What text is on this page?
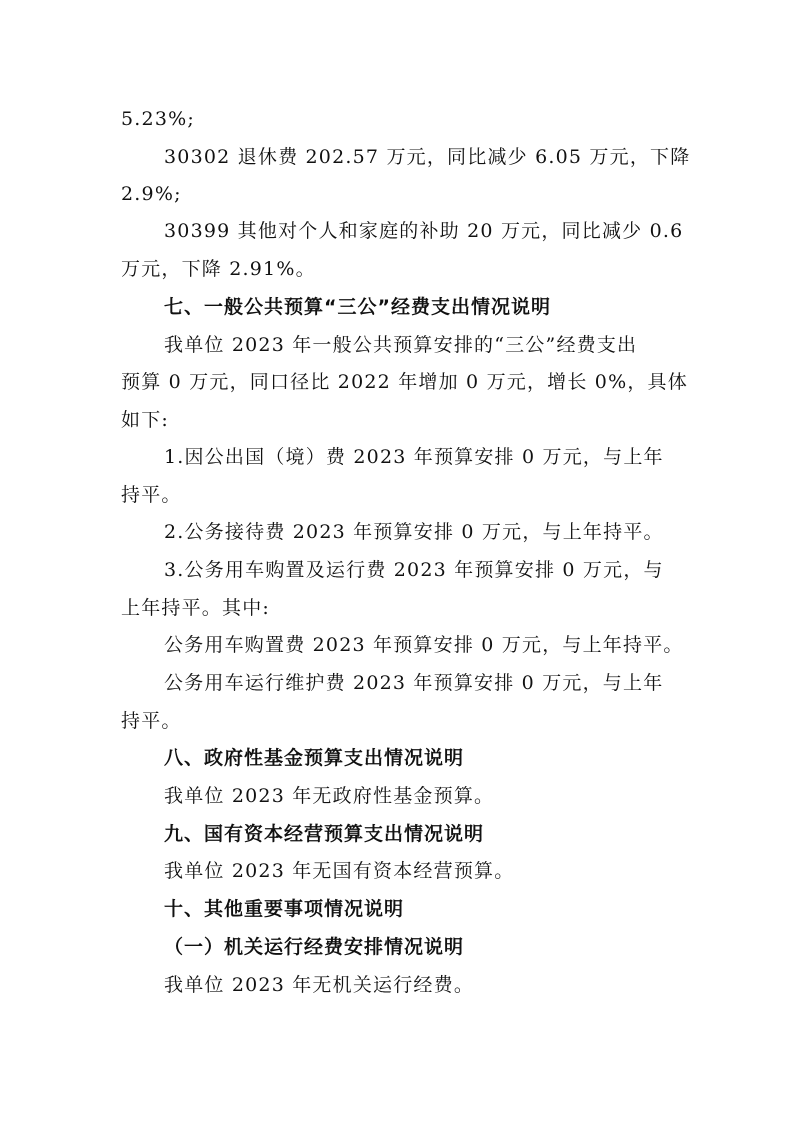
5.23%;
30302 退休费 202.57 万元，同比减少 6.05 万元，下降
2.9%;
30399 其他对个人和家庭的补助 20 万元，同比减少 0.6
万元，下降 2.91%。
七、一般公共预算“三公”经费支出情况说明
我单位 2023 年一般公共预算安排的“三公”经费支出
预算 0 万元，同口径比 2022 年增加 0 万元，增长 0%，具体
如下:
1.因公出国（境）费 2023 年预算安排 0 万元，与上年
持平。
2.公务接待费 2023 年预算安排 0 万元，与上年持平。
3.公务用车购置及运行费 2023 年预算安排 0 万元，与
上年持平。其中:
公务用车购置费 2023 年预算安排 0 万元，与上年持平。
公务用车运行维护费 2023 年预算安排 0 万元，与上年
持平。
八、政府性基金预算支出情况说明
我单位 2023 年无政府性基金预算。
九、国有资本经营预算支出情况说明
我单位 2023 年无国有资本经营预算。
十、其他重要事项情况说明
（一）机关运行经费安排情况说明
我单位 2023 年无机关运行经费。
